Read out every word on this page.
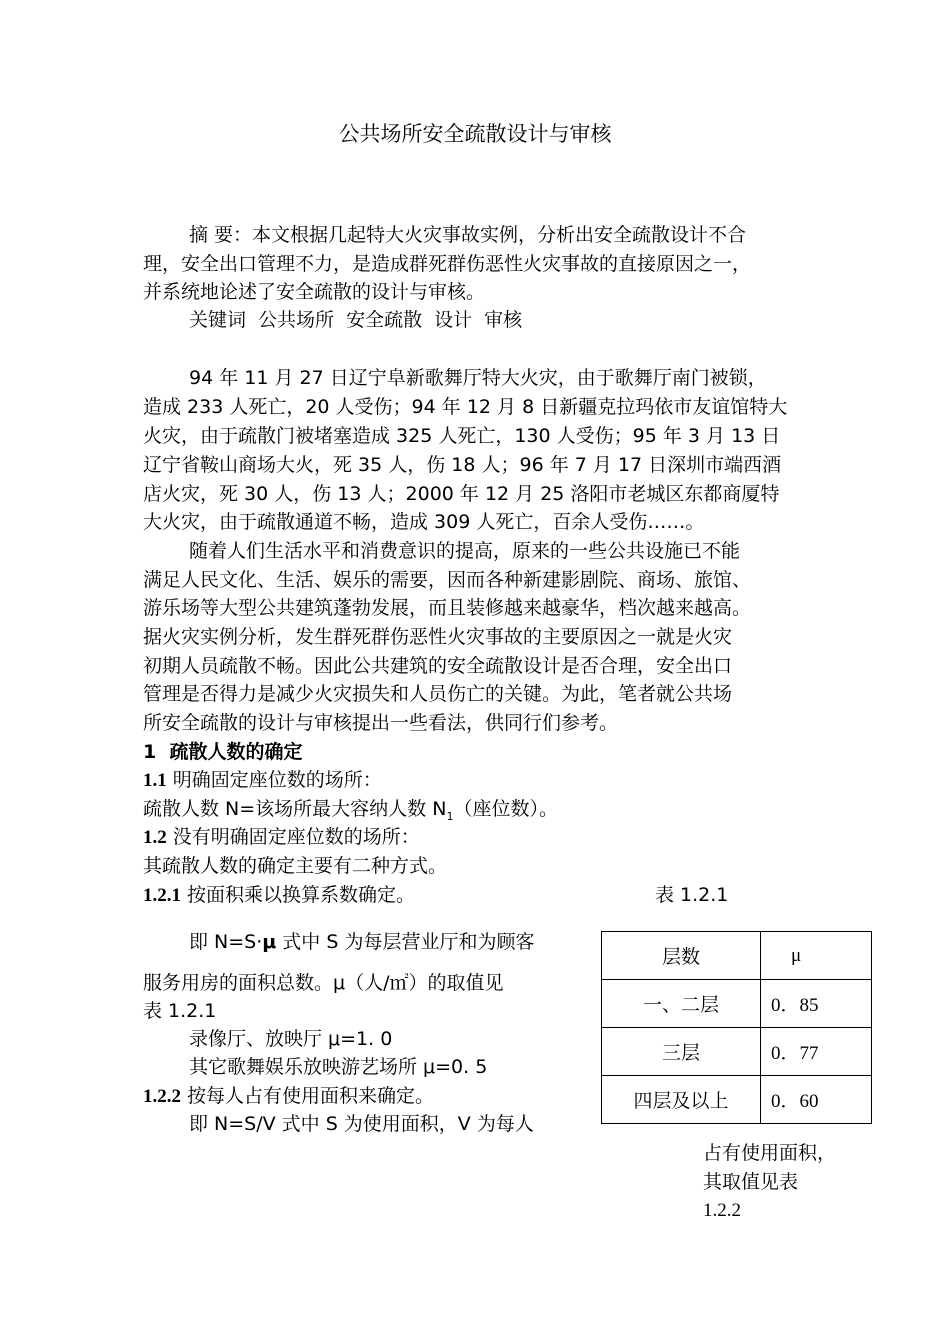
公共场所安全疏散设计与审核
摘 要：本文根据几起特大火灾事故实例，分析出安全疏散设计不合
理，安全出口管理不力，是造成群死群伤恶性火灾事故的直接原因之一，
并系统地论述了安全疏散的设计与审核。
关键词 公共场所 安全疏散 设计 审核
94 年 11 月 27 日辽宁阜新歌舞厅特大火灾，由于歌舞厅南门被锁，
造成 233 人死亡，20 人受伤；94 年 12 月 8 日新疆克拉玛依市友谊馆特大
火灾，由于疏散门被堵塞造成 325 人死亡，130 人受伤；95 年 3 月 13 日
辽宁省鞍山商场大火，死 35 人，伤 18 人；96 年 7 月 17 日深圳市端西酒
店火灾，死 30 人，伤 13 人；2000 年 12 月 25 洛阳市老城区东都商厦特
大火灾，由于疏散通道不畅，造成 309 人死亡，百余人受伤……。
随着人们生活水平和消费意识的提高，原来的一些公共设施已不能
满足人民文化、生活、娱乐的需要，因而各种新建影剧院、商场、旅馆、
游乐场等大型公共建筑蓬勃发展，而且装修越来越豪华，档次越来越高。
据火灾实例分析，发生群死群伤恶性火灾事故的主要原因之一就是火灾
初期人员疏散不畅。因此公共建筑的安全疏散设计是否合理，安全出口
管理是否得力是减少火灾损失和人员伤亡的关键。为此，笔者就公共场
所安全疏散的设计与审核提出一些看法，供同行们参考。
1 疏散人数的确定
1.1 明确固定座位数的场所：
疏散人数 N=该场所最大容纳人数 $N_1$（座位数）。
1.2 没有明确固定座位数的场所：
其疏散人数的确定主要有二种方式。
1.2.1 按面积乘以换算系数确定。	表 1.2.1
即 N=S·μ 式中 S 为每层营业厅和为顾客
服务用房的面积总数。μ（人/㎡）的取值见
表 1.2.1
录像厅、放映厅 μ=1. 0
其它歌舞娱乐放映游艺场所 μ=0. 5
1.2.2 按每人占有使用面积来确定。
即 N=S/V 式中 S 为使用面积，V 为每人
占有使用面积，
其取值见表
1.2.2
层数	μ
一、二层	0．85
三层	0．77
四层及以上	0．60
